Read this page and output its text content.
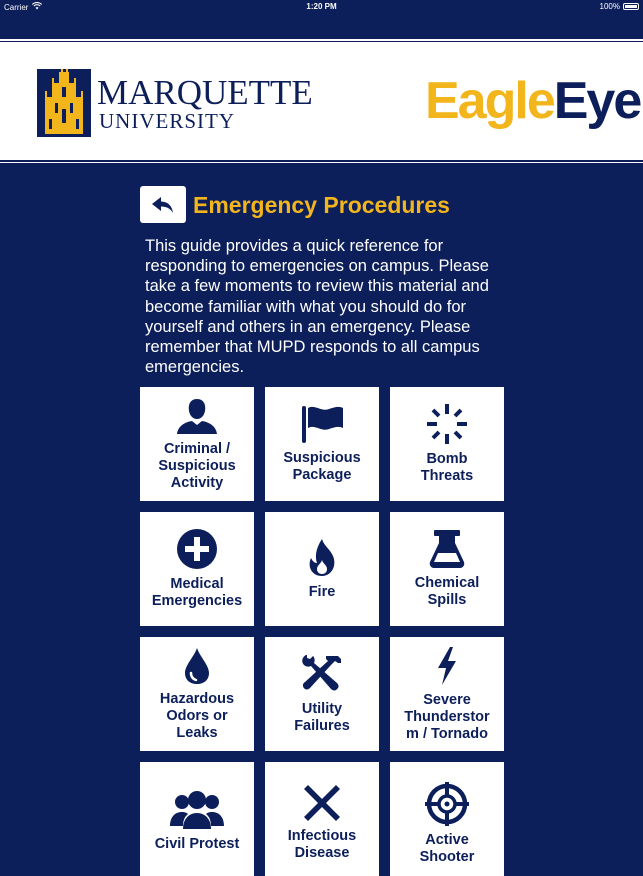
Carrier	1:20 PM	100%
MARQUETTE
UNIVERSITY	EagleEye
Emergency Procedures
This guide provides a quick reference for responding to emergencies on campus. Please take a few moments to review this material and become familiar with what you should do for yourself and others in an emergency. Please remember that MUPD responds to all campus emergencies.
Criminal /
Suspicious
Activity
Suspicious
Package
Bomb
Threats
Medical
Emergencies
Fire
Chemical
Spills
Hazardous
Odors or
Leaks
Utility
Failures
Severe
Thunderstor
m / Tornado
Civil Protest	Infectious
Disease
Active
Shooter
